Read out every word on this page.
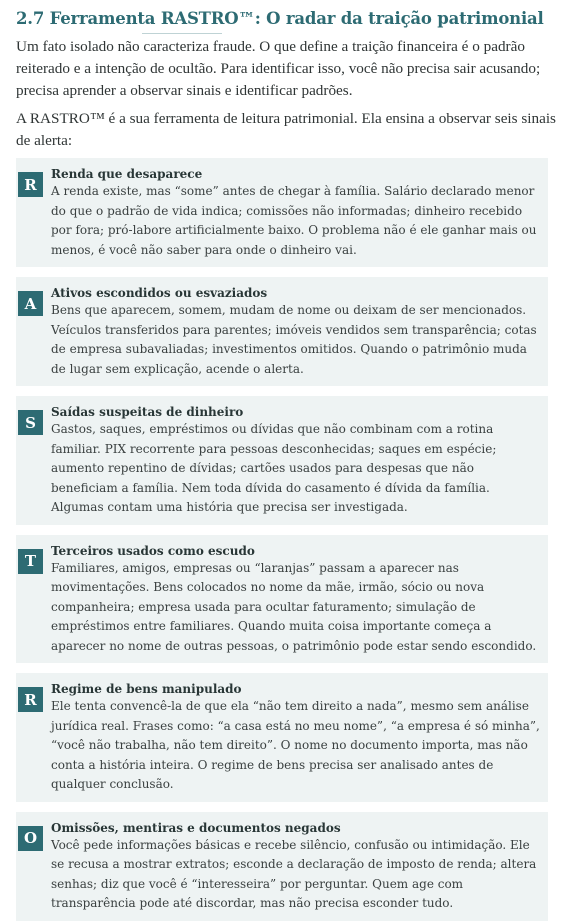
2.7 Ferramenta RASTRO™: O radar da traição patrimonial

Um fato isolado não caracteriza fraude. O que define a traição financeira é o padrão reiterado e a intenção de ocultão. Para identificar isso, você não precisa sair acusando; precisa aprender a observar sinais e identificar padrões.

A RASTRO™ é a sua ferramenta de leitura patrimonial. Ela ensina a observar seis sinais de alerta:

R

Renda que desaparece

A renda existe, mas “some” antes de chegar à família. Salário declarado menor do que o padrão de vida indica; comissões não informadas; dinheiro recebido por fora; pró-labore artificialmente baixo. O problema não é ele ganhar mais ou menos, é você não saber para onde o dinheiro vai.

A

Ativos escondidos ou esvaziados

Bens que aparecem, somem, mudam de nome ou deixam de ser mencionados. Veículos transferidos para parentes; imóveis vendidos sem transparência; cotas de empresa subavaliadas; investimentos omitidos. Quando o patrimônio muda de lugar sem explicação, acende o alerta.

S

Saídas suspeitas de dinheiro

Gastos, saques, empréstimos ou dívidas que não combinam com a rotina familiar. PIX recorrente para pessoas desconhecidas; saques em espécie; aumento repentino de dívidas; cartões usados para despesas que não beneficiam a família. Nem toda dívida do casamento é dívida da família. Algumas contam uma história que precisa ser investigada.

T

Terceiros usados como escudo

Familiares, amigos, empresas ou “laranjas” passam a aparecer nas movimentações. Bens colocados no nome da mãe, irmão, sócio ou nova companheira; empresa usada para ocultar faturamento; simulação de empréstimos entre familiares. Quando muita coisa importante começa a aparecer no nome de outras pessoas, o patrimônio pode estar sendo escondido.

R

Regime de bens manipulado

Ele tenta convencê-la de que ela “não tem direito a nada”, mesmo sem análise jurídica real. Frases como: “a casa está no meu nome”, “a empresa é só minha”, “você não trabalha, não tem direito”. O nome no documento importa, mas não conta a história inteira. O regime de bens precisa ser analisado antes de qualquer conclusão.

O

Omissões, mentiras e documentos negados

Você pede informações básicas e recebe silêncio, confusão ou intimidação. Ele se recusa a mostrar extratos; esconde a declaração de imposto de renda; altera senhas; diz que você é “interesseira” por perguntar. Quem age com transparência pode até discordar, mas não precisa esconder tudo.
